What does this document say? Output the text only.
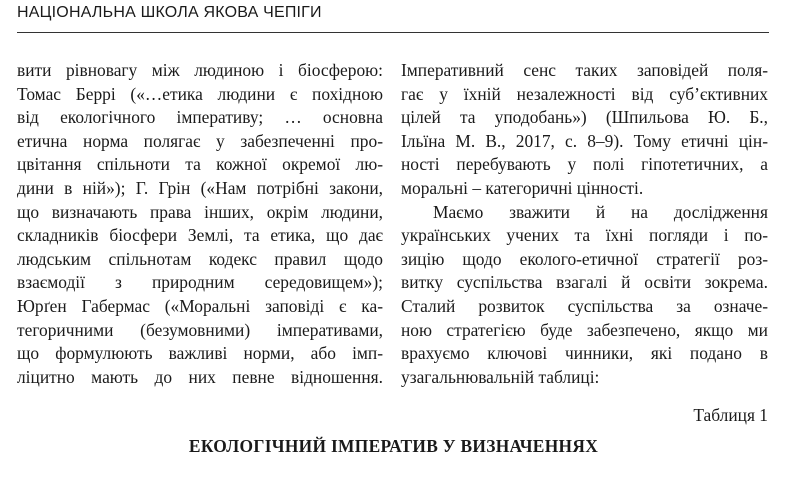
НАЦІОНАЛЬНА ШКОЛА ЯКОВА ЧЕПІГИ
вити рівновагу між людиною і біосферою:
Томас Беррі («…етика людини є похідною
від екологічного імперативу; … основна
етична норма полягає у забезпеченні про-
цвітання спільноти та кожної окремої лю-
дини в ній»); Г. Грін («Нам потрібні закони,
що визначають права інших, окрім людини,
складників біосфери Землі, та етика, що дає
людським спільнотам кодекс правил щодо
взаємодії з природним середовищем»);
Юрґен Габермас («Моральні заповіді є ка-
тегоричними (безумовними) імперативами,
що формулюють важливі норми, або імп-
ліцитно мають до них певне відношення.
Імперативний сенс таких заповідей поля-
гає у їхній незалежності від суб’єктивних
цілей та уподобань») (Шпильова Ю. Б.,
Ільїна М. В., 2017, с. 8–9). Тому етичні цін-
ності перебувають у полі гіпотетичних, а
моральні – категоричні цінності.
Маємо зважити й на дослідження
українських учених та їхні погляди і по-
зицію щодо еколого-етичної стратегії роз-
витку суспільства взагалі й освіти зокрема.
Сталий розвиток суспільства за означе-
ною стратегією буде забезпечено, якщо ми
врахуємо ключові чинники, які подано в
узагальнювальній таблиці:
Таблиця 1
ЕКОЛОГІЧНИЙ ІМПЕРАТИВ У ВИЗНАЧЕННЯХ
